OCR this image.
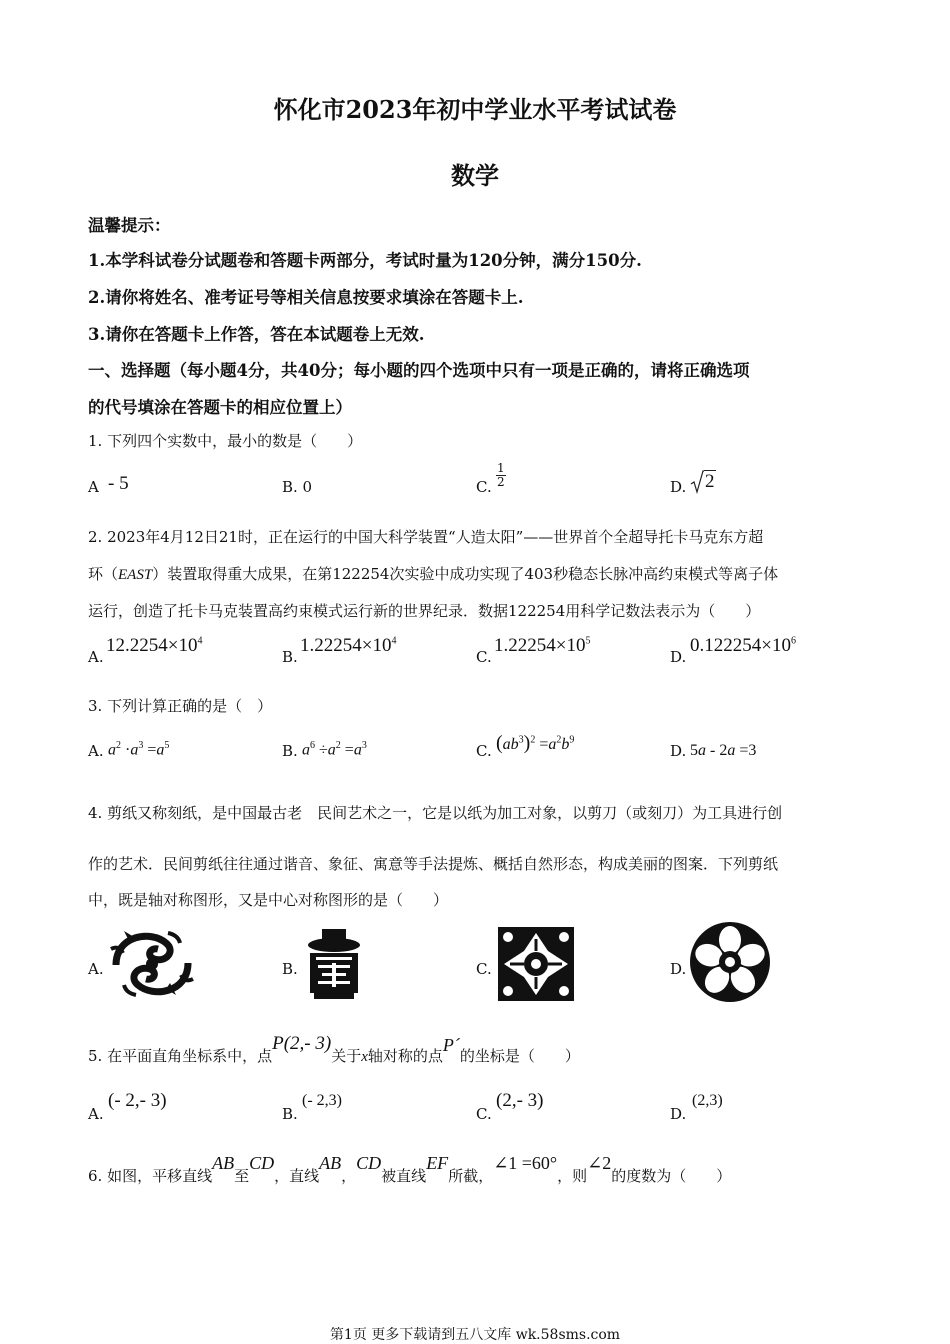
怀化市2023年初中学业水平考试试卷
数学
温馨提示：
1.本学科试卷分试题卷和答题卡两部分，考试时量为120分钟，满分150分.
2.请你将姓名、准考证号等相关信息按要求填涂在答题卡上.
3.请你在答题卡上作答，答在本试题卷上无效.
一、选择题（每小题4分，共40分；每小题的四个选项中只有一项是正确的，请将正确选项
的代号填涂在答题卡的相应位置上）
1. 下列四个实数中，最小的数是（　　）
A - 5	B. 0	C. $\frac{1}{2}$	D. 2
2. 2023年4月12日21时，正在运行的中国大科学装置“人造太阳”——世界首个全超导托卡马克东方超
环（EAST）装置取得重大成果，在第122254次实验中成功实现了403秒稳态长脉冲高约束模式等离子体
运行，创造了托卡马克装置高约束模式运行新的世界纪录．数据122254用科学记数法表示为（　　）
A.
$12.2254\times 10^4$
B.
$1.22254\times 10^4$
C.
$1.22254\times 10^5$
D.
$0.122254\times 10^6$
3. 下列计算正确的是（　）
A. $a^2 \cdot a^3 =a^5$	B. $a^6 \div a^2 =a^3$	C. $(ab^3)^2 =a^2b^9$
D. 5a - 2a =3
4. 剪纸又称刻纸，是中国最古老　民间艺术之一，它是以纸为加工对象，以剪刀（或刻刀）为工具进行创
作的艺术．民间剪纸往往通过谐音、象征、寓意等手法提炼、概括自然形态，构成美丽的图案．下列剪纸
中，既是轴对称图形，又是中心对称图形的是（　　）
A.	B.	C.	D.
5. 在平面直角坐标系中，点P(2,- 3)关于x轴对称的点P´的坐标是（　　）
A.
(- 2,- 3)
B.
(- 2,3)
C.
(2,- 3)
D.
(2,3)
6. 如图，平移直线AB至CD，直线AB，CD被直线EF所截，∠1 =60°，则∠2的度数为（　　）
第1页 更多下载请到五八文库 wk.58sms.com
